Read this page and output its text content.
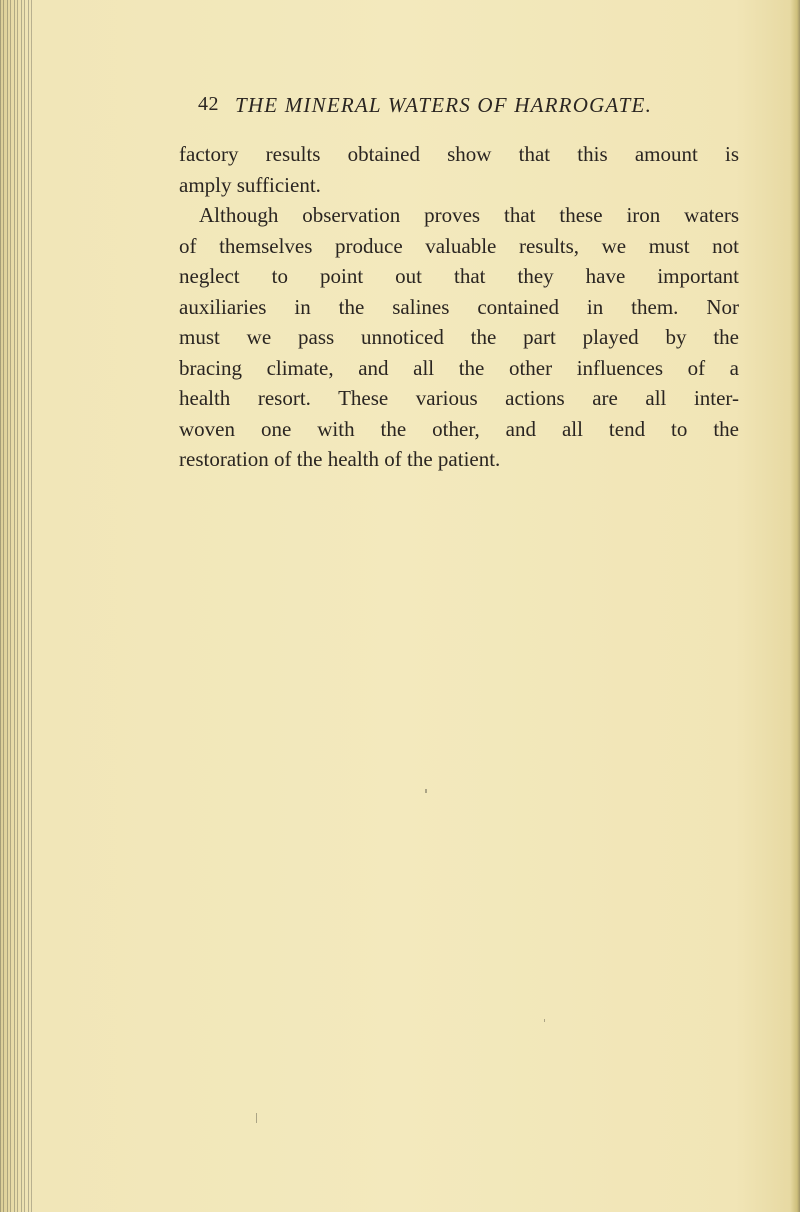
42 THE MINERAL WATERS OF HARROGATE.
factory results obtained show that this amount is
amply sufficient.
Although observation proves that these iron waters
of themselves produce valuable results, we must not
neglect to point out that they have important
auxiliaries in the salines contained in them. Nor
must we pass unnoticed the part played by the
bracing climate, and all the other influences of a
health resort. These various actions are all inter-
woven one with the other, and all tend to the
restoration of the health of the patient.
